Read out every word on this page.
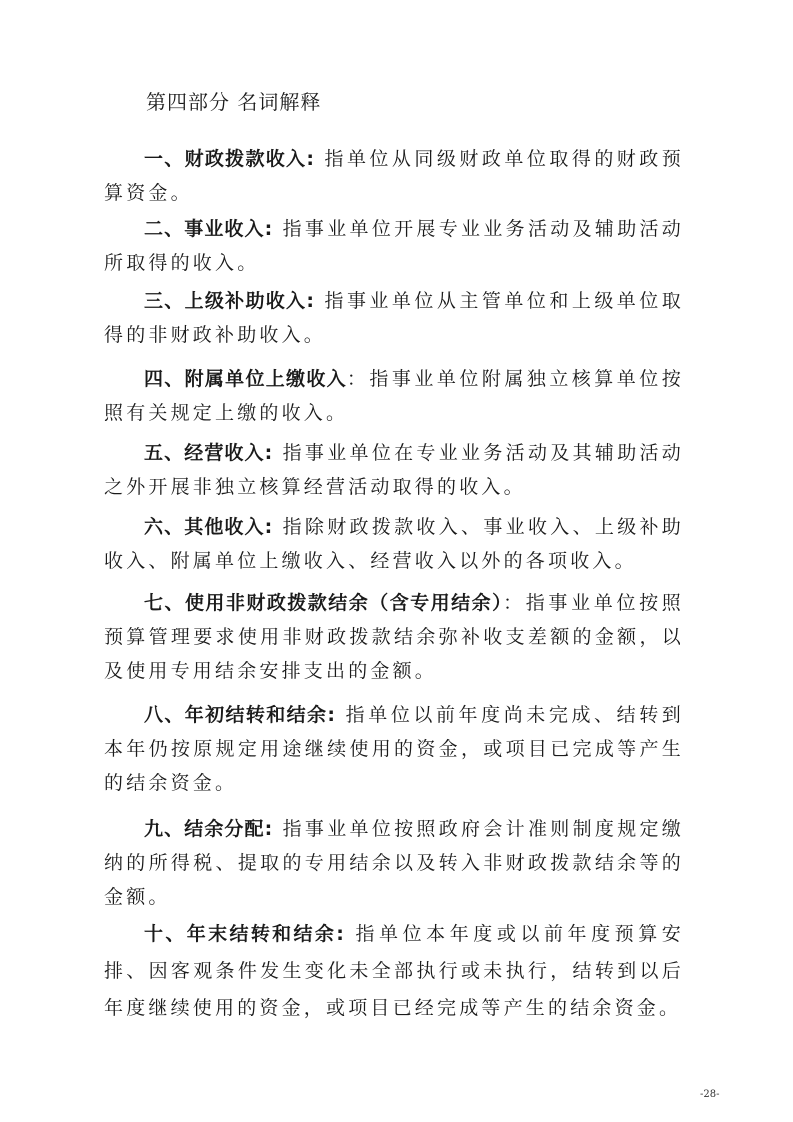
第四部分 名词解释

一、财政拨款收入: 指单位从同级财政单位取得的财政预算资金。

二、事业收入: 指事业单位开展专业业务活动及辅助活动所取得的收入。

三、上级补助收入: 指事业单位从主管单位和上级单位取得的非财政补助收入。

四、附属单位上缴收入：指事业单位附属独立核算单位按照有关规定上缴的收入。

五、经营收入: 指事业单位在专业业务活动及其辅助活动之外开展非独立核算经营活动取得的收入。

六、其他收入: 指除财政拨款收入、事业收入、上级补助收入、附属单位上缴收入、经营收入以外的各项收入。

七、使用非财政拨款结余（含专用结余）：指事业单位按照预算管理要求使用非财政拨款结余弥补收支差额的金额，以及使用专用结余安排支出的金额。

八、年初结转和结余: 指单位以前年度尚未完成、结转到本年仍按原规定用途继续使用的资金，或项目已完成等产生的结余资金。

九、结余分配: 指事业单位按照政府会计准则制度规定缴纳的所得税、提取的专用结余以及转入非财政拨款结余等的金额。

十、年末结转和结余: 指单位本年度或以前年度预算安排、因客观条件发生变化未全部执行或未执行，结转到以后年度继续使用的资金，或项目已经完成等产生的结余资金。

-28-
